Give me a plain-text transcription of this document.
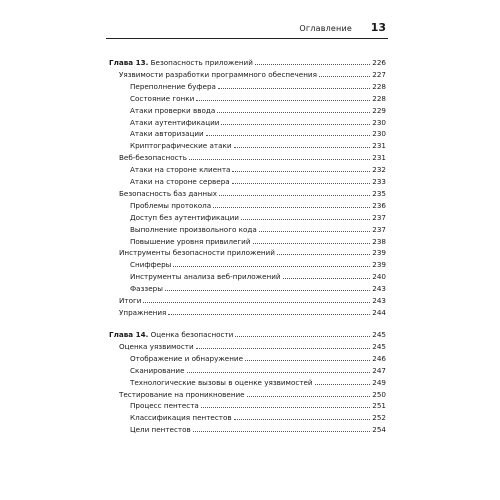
Оглавление 13
Глава 13. Безопасность приложений	226
Уязвимости разработки программного обеспечения	227
Переполнение буфера	228
Состояние гонки	228
Атаки проверки ввода	229
Атаки аутентификации	230
Атаки авторизации	230
Криптографические атаки	231
Веб-безопасность	231
Атаки на стороне клиента	232
Атаки на стороне сервера	233
Безопасность баз данных	235
Проблемы протокола	236
Доступ без аутентификации	237
Выполнение произвольного кода	237
Повышение уровня привилегий	238
Инструменты безопасности приложений	239
Снифферы	239
Инструменты анализа веб-приложений	240
Фаззеры	243
Итоги	243
Упражнения	244
Глава 14. Оценка безопасности	245
Оценка уязвимости	245
Отображение и обнаружение	246
Сканирование	247
Технологические вызовы в оценке уязвимостей	249
Тестирование на проникновение	250
Процесс пентеста	251
Классификация пентестов	252
Цели пентестов	254
